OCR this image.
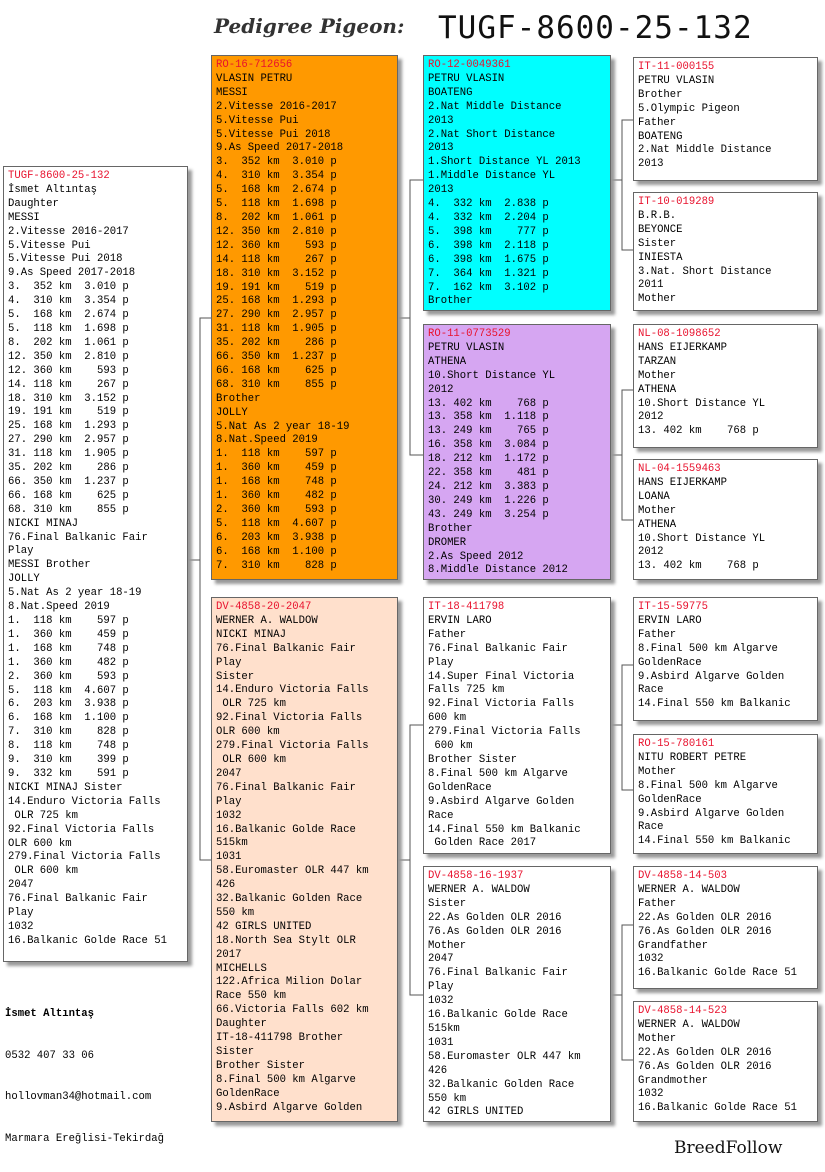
Pedigree Pigeon: TUGF-8600-25-132
TUGF-8600-25-132
İsmet Altıntaş
Daughter
MESSI
2.Vitesse 2016-2017
5.Vitesse Pui
5.Vitesse Pui 2018
9.As Speed 2017-2018
3.  352 km  3.010 p
4.  310 km  3.354 p
5.  168 km  2.674 p
5.  118 km  1.698 p
8.  202 km  1.061 p
12. 350 km  2.810 p
12. 360 km    593 p
14. 118 km    267 p
18. 310 km  3.152 p
19. 191 km    519 p
25. 168 km  1.293 p
27. 290 km  2.957 p
31. 118 km  1.905 p
35. 202 km    286 p
66. 350 km  1.237 p
66. 168 km    625 p
68. 310 km    855 p
NICKI MINAJ
76.Final Balkanic Fair
Play
MESSI Brother
JOLLY
5.Nat As 2 year 18-19
8.Nat.Speed 2019
1.  118 km    597 p
1.  360 km    459 p
1.  168 km    748 p
1.  360 km    482 p
2.  360 km    593 p
5.  118 km  4.607 p
6.  203 km  3.938 p
6.  168 km  1.100 p
7.  310 km    828 p
8.  118 km    748 p
9.  310 km    399 p
9.  332 km    591 p
NICKI MINAJ Sister
14.Enduro Victoria Falls
OLR 725 km
92.Final Victoria Falls
OLR 600 km
279.Final Victoria Falls
OLR 600 km
2047
76.Final Balkanic Fair
Play
1032
16.Balkanic Golde Race 51
RO-16-712656
VLASIN PETRU
MESSI
2.Vitesse 2016-2017
5.Vitesse Pui
5.Vitesse Pui 2018
9.As Speed 2017-2018
3.  352 km  3.010 p
4.  310 km  3.354 p
5.  168 km  2.674 p
5.  118 km  1.698 p
8.  202 km  1.061 p
12. 350 km  2.810 p
12. 360 km    593 p
14. 118 km    267 p
18. 310 km  3.152 p
19. 191 km    519 p
25. 168 km  1.293 p
27. 290 km  2.957 p
31. 118 km  1.905 p
35. 202 km    286 p
66. 350 km  1.237 p
66. 168 km    625 p
68. 310 km    855 p
Brother
JOLLY
5.Nat As 2 year 18-19
8.Nat.Speed 2019
1.  118 km    597 p
1.  360 km    459 p
1.  168 km    748 p
1.  360 km    482 p
2.  360 km    593 p
5.  118 km  4.607 p
6.  203 km  3.938 p
6.  168 km  1.100 p
7.  310 km    828 p
DV-4858-20-2047
WERNER A. WALDOW
NICKI MINAJ
76.Final Balkanic Fair
Play
Sister
14.Enduro Victoria Falls
OLR 725 km
92.Final Victoria Falls
OLR 600 km
279.Final Victoria Falls
OLR 600 km
2047
76.Final Balkanic Fair
Play
1032
16.Balkanic Golde Race
515km
1031
58.Euromaster OLR 447 km
426
32.Balkanic Golden Race
550 km
42 GIRLS UNITED
18.North Sea Stylt OLR
2017
MICHELLS
122.Africa Milion Dolar
Race 550 km
66.Victoria Falls 602 km
Daughter
IT-18-411798 Brother
Sister
Brother Sister
8.Final 500 km Algarve
GoldenRace
9.Asbird Algarve Golden
RO-12-0049361
PETRU VLASIN
BOATENG
2.Nat Middle Distance
2013
2.Nat Short Distance
2013
1.Short Distance YL 2013
1.Middle Distance YL
2013
4.  332 km  2.838 p
4.  332 km  2.204 p
5.  398 km    777 p
6.  398 km  2.118 p
6.  398 km  1.675 p
7.  364 km  1.321 p
7.  162 km  3.102 p
Brother
RO-11-0773529
PETRU VLASIN
ATHENA
10.Short Distance YL
2012
13. 402 km    768 p
13. 358 km  1.118 p
13. 249 km    765 p
16. 358 km  3.084 p
18. 212 km  1.172 p
22. 358 km    481 p
24. 212 km  3.383 p
30. 249 km  1.226 p
43. 249 km  3.254 p
Brother
DROMER
2.As Speed 2012
8.Middle Distance 2012
IT-18-411798
ERVIN LARO
Father
76.Final Balkanic Fair
Play
14.Super Final Victoria
Falls 725 km
92.Final Victoria Falls
600 km
279.Final Victoria Falls
600 km
Brother Sister
8.Final 500 km Algarve
GoldenRace
9.Asbird Algarve Golden
Race
14.Final 550 km Balkanic
Golden Race 2017
DV-4858-16-1937
WERNER A. WALDOW
Sister
22.As Golden OLR 2016
76.As Golden OLR 2016
Mother
2047
76.Final Balkanic Fair
Play
1032
16.Balkanic Golde Race
515km
1031
58.Euromaster OLR 447 km
426
32.Balkanic Golden Race
550 km
42 GIRLS UNITED
IT-11-000155
PETRU VLASIN
Brother
5.Olympic Pigeon
Father
BOATENG
2.Nat Middle Distance
2013
IT-10-019289
B.R.B.
BEYONCE
Sister
INIESTA
3.Nat. Short Distance
2011
Mother
NL-08-1098652
HANS EIJERKAMP
TARZAN
Mother
ATHENA
10.Short Distance YL
2012
13. 402 km    768 p
NL-04-1559463
HANS EIJERKAMP
LOANA
Mother
ATHENA
10.Short Distance YL
2012
13. 402 km    768 p
IT-15-59775
ERVIN LARO
Father
8.Final 500 km Algarve
GoldenRace
9.Asbird Algarve Golden
Race
14.Final 550 km Balkanic
RO-15-780161
NITU ROBERT PETRE
Mother
8.Final 500 km Algarve
GoldenRace
9.Asbird Algarve Golden
Race
14.Final 550 km Balkanic
DV-4858-14-503
WERNER A. WALDOW
Father
22.As Golden OLR 2016
76.As Golden OLR 2016
Grandfather
1032
16.Balkanic Golde Race 51
DV-4858-14-523
WERNER A. WALDOW
Mother
22.As Golden OLR 2016
76.As Golden OLR 2016
Grandmother
1032
16.Balkanic Golde Race 51

İsmet Altıntaş

0532 407 33 06

hollovman34@hotmail.com

Marmara Ereğlisi-Tekirdağ	BreedFollow
